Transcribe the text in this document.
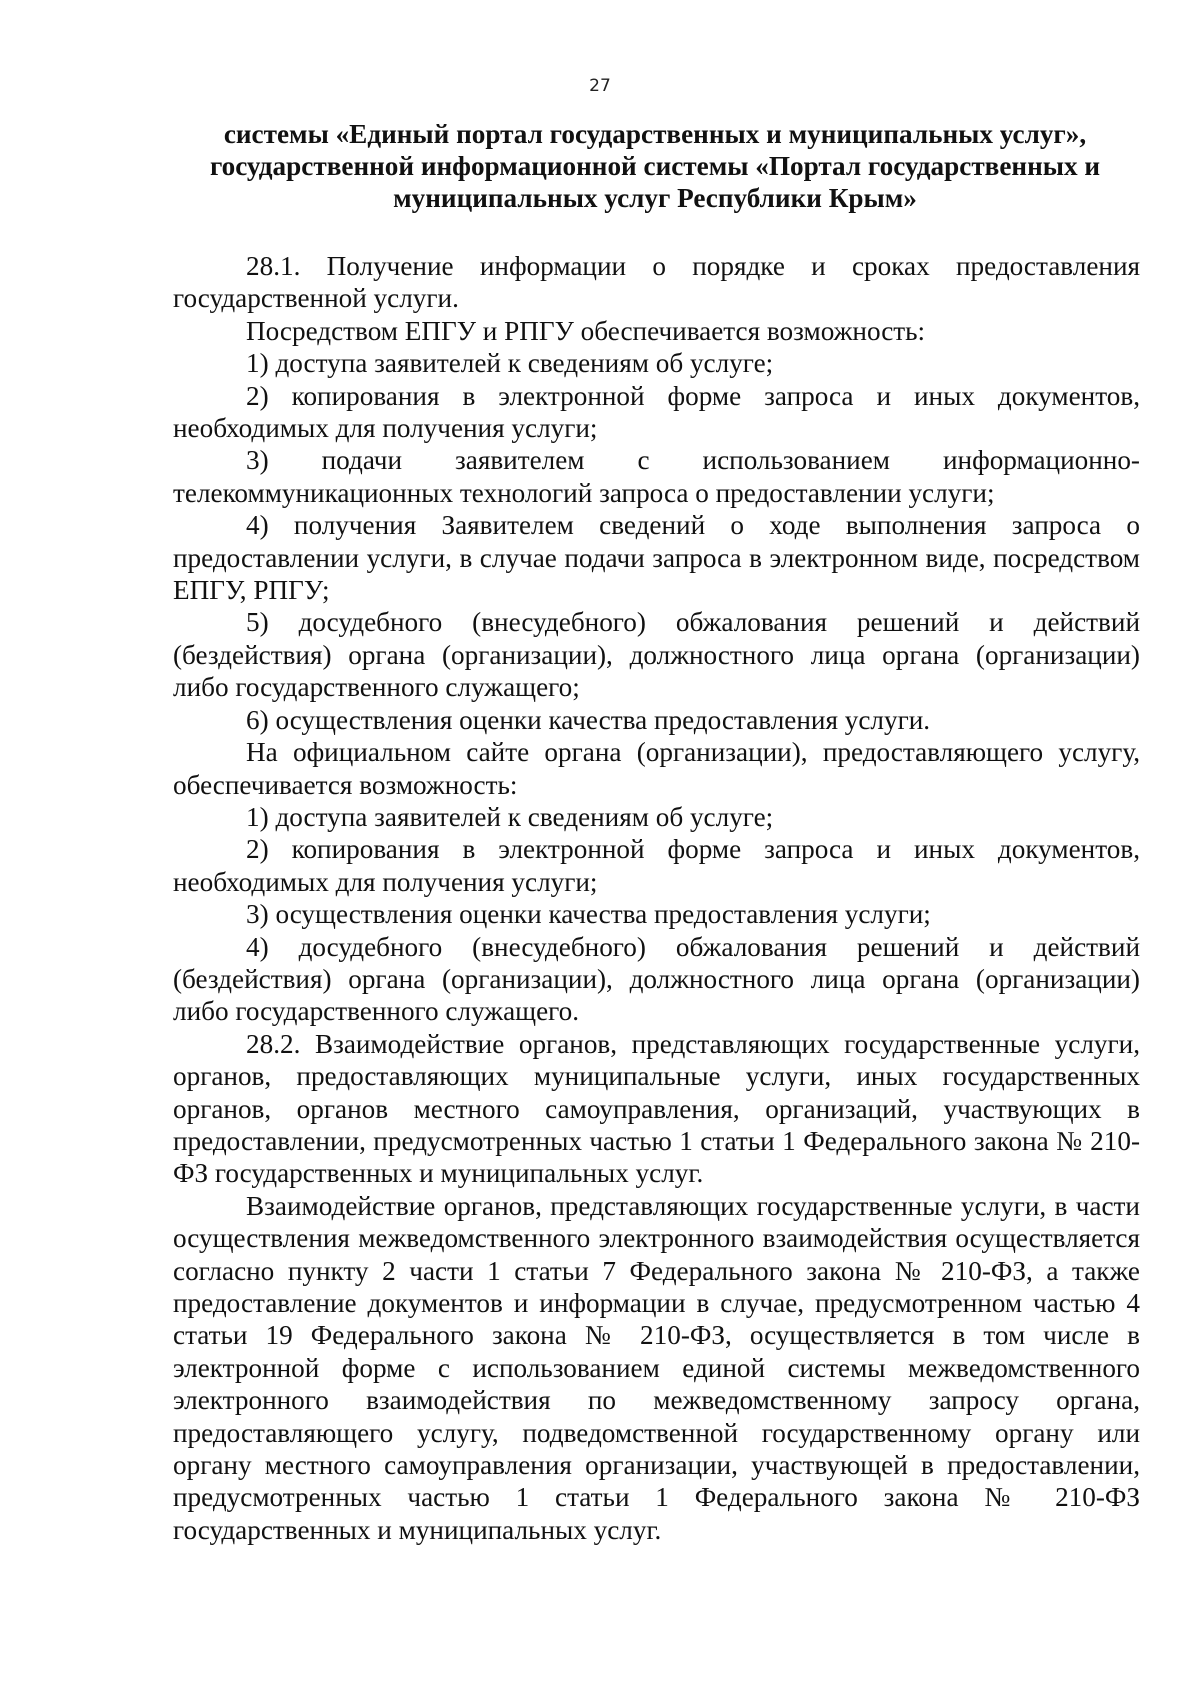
27
системы «Единый портал государственных и муниципальных услуг»,
государственной информационной системы «Портал государственных и
муниципальных услуг Республики Крым»

28.1. Получение информации о порядке и сроках предоставления государственной услуги.

Посредством ЕПГУ и РПГУ обеспечивается возможность:

1) доступа заявителей к сведениям об услуге;

2) копирования в электронной форме запроса и иных документов, необходимых для получения услуги;

3) подачи заявителем с использованием информационно-телекоммуникационных технологий запроса о предоставлении услуги;

4) получения Заявителем сведений о ходе выполнения запроса о предоставлении услуги, в случае подачи запроса в электронном виде, посредством ЕПГУ, РПГУ;

5) досудебного (внесудебного) обжалования решений и действий (бездействия) органа (организации), должностного лица органа (организации) либо государственного служащего;

6) осуществления оценки качества предоставления услуги.

На официальном сайте органа (организации), предоставляющего услугу, обеспечивается возможность:

1) доступа заявителей к сведениям об услуге;

2) копирования в электронной форме запроса и иных документов, необходимых для получения услуги;

3) осуществления оценки качества предоставления услуги;

4) досудебного (внесудебного) обжалования решений и действий (бездействия) органа (организации), должностного лица органа (организации) либо государственного служащего.

28.2. Взаимодействие органов, представляющих государственные услуги, органов, предоставляющих муниципальные услуги, иных государственных органов, органов местного самоуправления, организаций, участвующих в предоставлении, предусмотренных частью 1 статьи 1 Федерального закона № 210-ФЗ государственных и муниципальных услуг.

Взаимодействие органов, представляющих государственные услуги, в части осуществления межведомственного электронного взаимодействия осуществляется согласно пункту 2 части 1 статьи 7 Федерального закона № 210-ФЗ, а также предоставление документов и информации в случае, предусмотренном частью 4 статьи 19 Федерального закона № 210-ФЗ, осуществляется в том числе в электронной форме с использованием единой системы межведомственного электронного взаимодействия по межведомственному запросу органа, предоставляющего услугу, подведомственной государственному органу или органу местного самоуправления организации, участвующей в предоставлении, предусмотренных частью 1 статьи 1 Федерального закона № 210-ФЗ государственных и муниципальных услуг.
